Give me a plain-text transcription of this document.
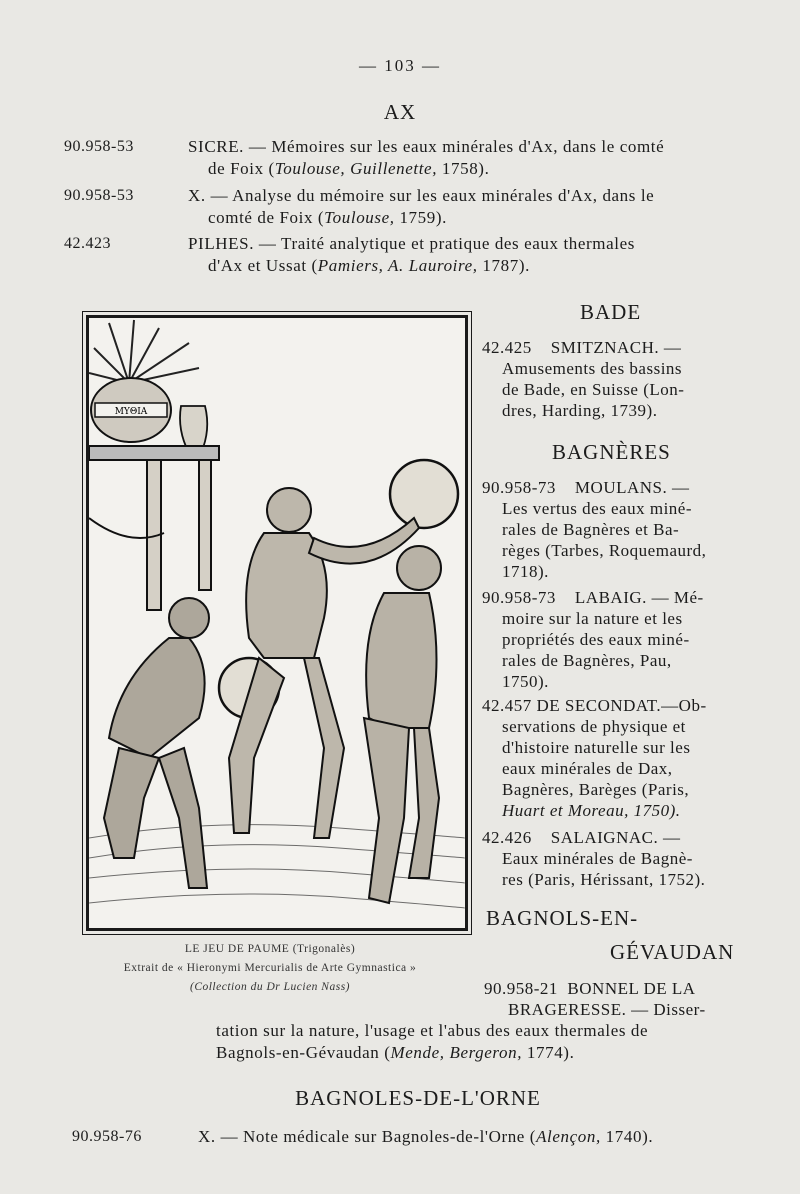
— 103 —
AX
90.958-53	SICRE. — Mémoires sur les eaux minérales d'Ax, dans le comté
de Foix (Toulouse, Guillenette, 1758).
90.958-53	X. — Analyse du mémoire sur les eaux minérales d'Ax, dans le
comté de Foix (Toulouse, 1759).
42.423	PILHES. — Traité analytique et pratique des eaux thermales
d'Ax et Ussat (Pamiers, A. Lauroire, 1787).
ΜΥΘΙΑ
LE JEU DE PAUME (Trigonalès)
Extrait de « Hieronymi Mercurialis de Arte Gymnastica »
(Collection du Dr Lucien Nass)
BADE
42.425 SMITZNACH. —
Amusements des bassins
de Bade, en Suisse (Lon-
dres, Harding, 1739).
BAGNÈRES
90.958-73 MOULANS. —
Les vertus des eaux miné-
rales de Bagnères et Ba-
règes (Tarbes, Roquemaurd,
1718).
90.958-73 LABAIG. — Mé-
moire sur la nature et les
propriétés des eaux miné-
rales de Bagnères, Pau,
1750).
42.457 DE SECONDAT.—Ob-
servations de physique et
d'histoire naturelle sur les
eaux minérales de Dax,
Bagnères, Barèges (Paris,
Huart et Moreau, 1750).
42.426 SALAIGNAC. —
Eaux minérales de Bagnè-
res (Paris, Hérissant, 1752).
BAGNOLS-EN-
GÉVAUDAN
90.958-21 BONNEL DE LA
BRAGERESSE. — Disser-
tation sur la nature, l'usage et l'abus des eaux thermales de
Bagnols-en-Gévaudan (Mende, Bergeron, 1774).
BAGNOLES-DE-L'ORNE
90.958-76	X. — Note médicale sur Bagnoles-de-l'Orne (Alençon, 1740).
